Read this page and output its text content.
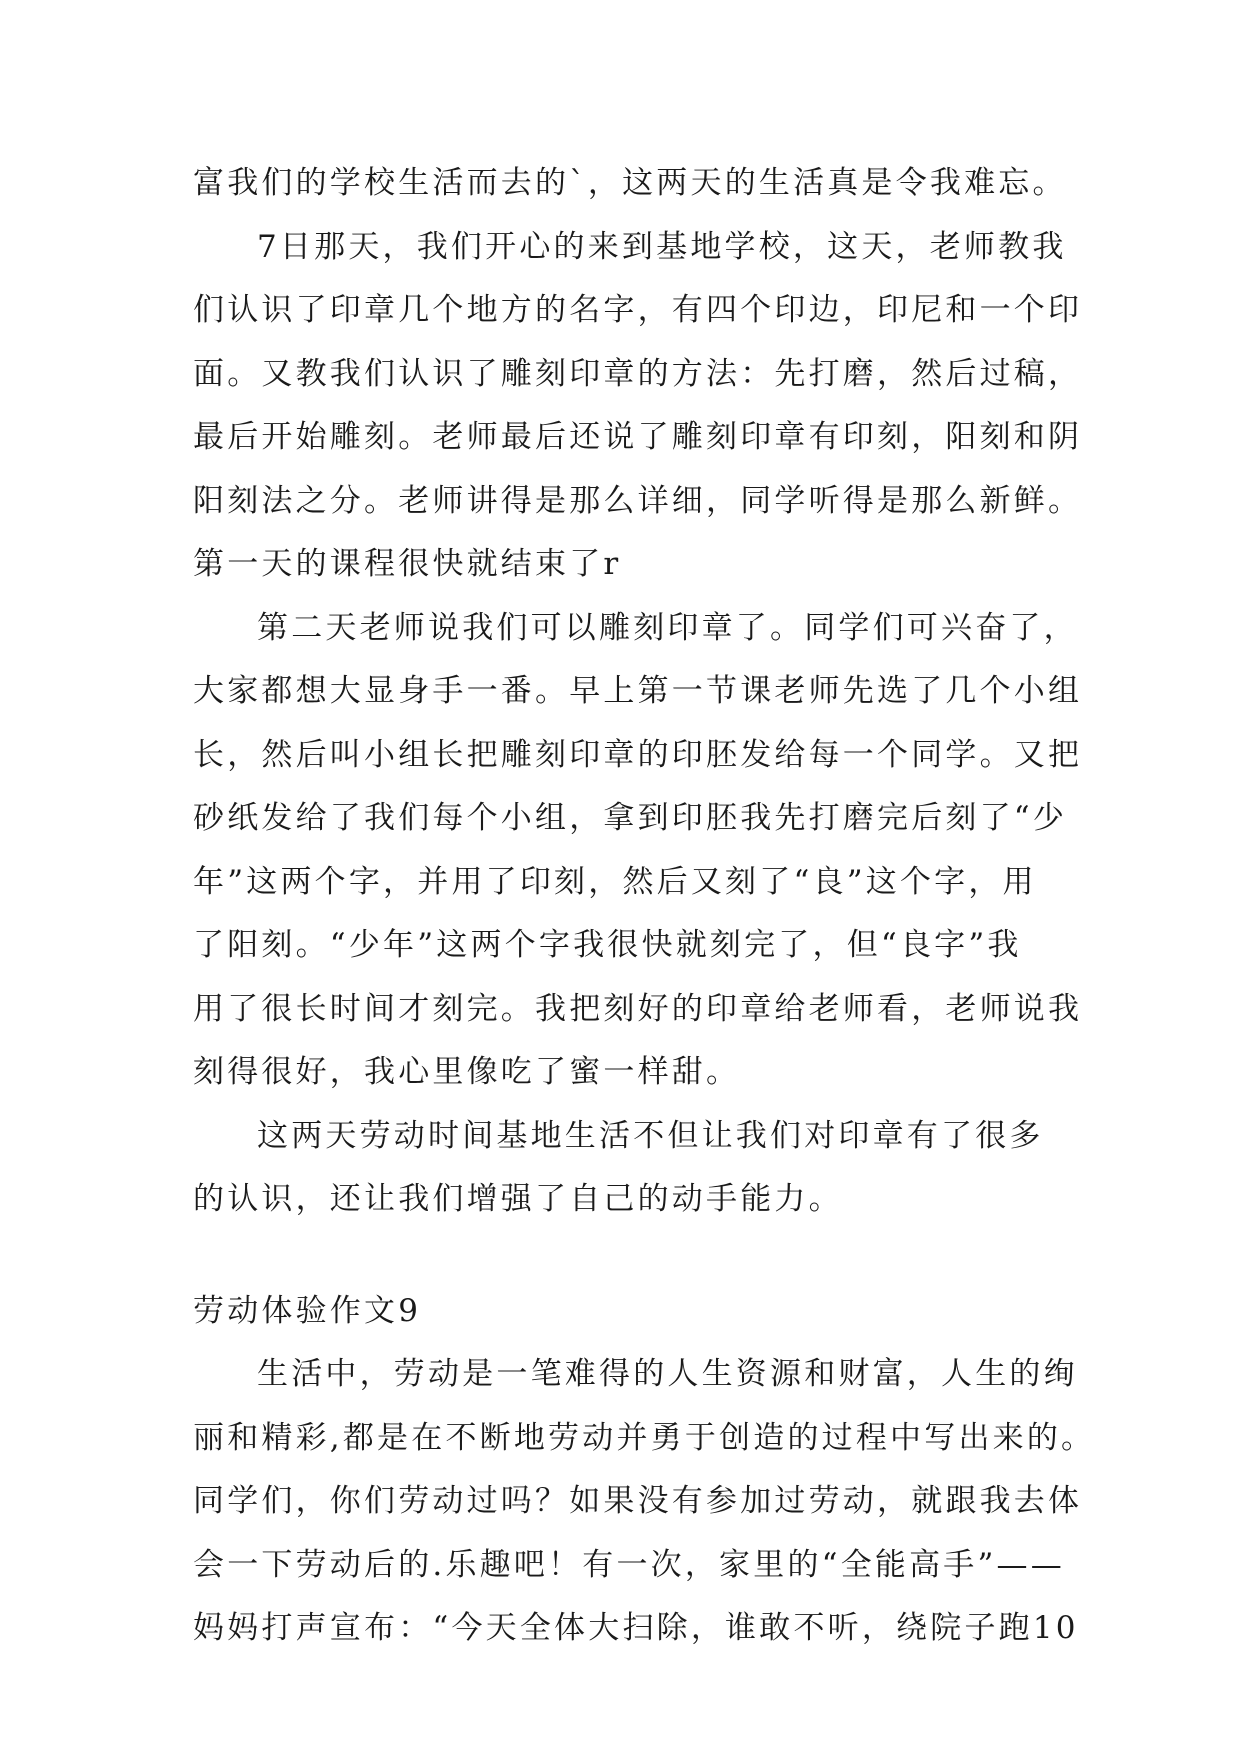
富我们的学校生活而去的`，这两天的生活真是令我难忘。
7日那天，我们开心的来到基地学校，这天，老师教我
们认识了印章几个地方的名字，有四个印边，印尼和一个印
面。又教我们认识了雕刻印章的方法：先打磨，然后过稿，
最后开始雕刻。老师最后还说了雕刻印章有印刻，阳刻和阴
阳刻法之分。老师讲得是那么详细，同学听得是那么新鲜。
第一天的课程很快就结束了r
第二天老师说我们可以雕刻印章了。同学们可兴奋了，
大家都想大显身手一番。早上第一节课老师先选了几个小组
长，然后叫小组长把雕刻印章的印胚发给每一个同学。又把
砂纸发给了我们每个小组，拿到印胚我先打磨完后刻了“少
年”这两个字，并用了印刻，然后又刻了“良”这个字，用
了阳刻。“少年”这两个字我很快就刻完了，但“良字”我
用了很长时间才刻完。我把刻好的印章给老师看，老师说我
刻得很好，我心里像吃了蜜一样甜。
这两天劳动时间基地生活不但让我们对印章有了很多
的认识，还让我们增强了自己的动手能力。
劳动体验作文9
生活中，劳动是一笔难得的人生资源和财富，人生的绚
丽和精彩,都是在不断地劳动并勇于创造的过程中写出来的。
同学们，你们劳动过吗？如果没有参加过劳动，就跟我去体
会一下劳动后的.乐趣吧！有一次，家里的“全能高手”——
妈妈打声宣布：“今天全体大扫除，谁敢不听，绕院子跑10
